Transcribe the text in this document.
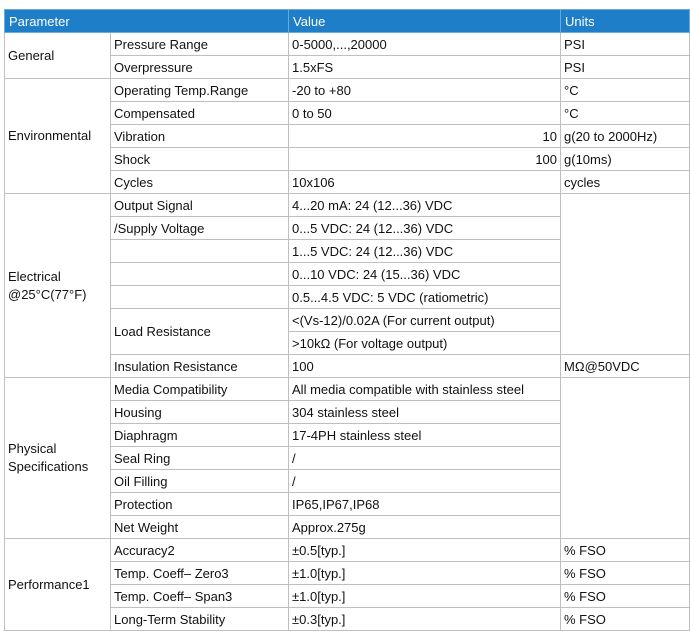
Parameter		Value	Units
General	Pressure Range	0-5000,...,20000	PSI
	Overpressure	1.5xFS	PSI
Environmental	Operating Temp.Range	-20 to +80	°C
	Compensated	0 to 50	°C
	Vibration	10	g(20 to 2000Hz)
	Shock	100	g(10ms)
	Cycles	10x106	cycles

Electrical
@25°C(77°F)	Output Signal	4...20 mA: 24 (12...36) VDC	
	/Supply Voltage	0...5 VDC: 24 (12...36) VDC	
		1...5 VDC: 24 (12...36) VDC	
		0...10 VDC: 24 (15...36) VDC	
		0.5...4.5 VDC: 5 VDC (ratiometric)	
	Load Resistance	<(Vs-12)/0.02A (For current output)	
		>10kΩ (For voltage output)	
	Insulation Resistance	100	MΩ@50VDC

Physical
Specifications	Media Compatibility	All media compatible with stainless steel	
	Housing	304 stainless steel	
	Diaphragm	17-4PH stainless steel	
	Seal Ring	/	
	Oil Filling	/	
	Protection	IP65,IP67,IP68	
	Net Weight	Approx.275g	
Performance1	Accuracy2	±0.5[typ.]	% FSO
	Temp. Coeff– Zero3	±1.0[typ.]	% FSO
	Temp. Coeff– Span3	±1.0[typ.]	% FSO
	Long-Term Stability	±0.3[typ.]	% FSO
